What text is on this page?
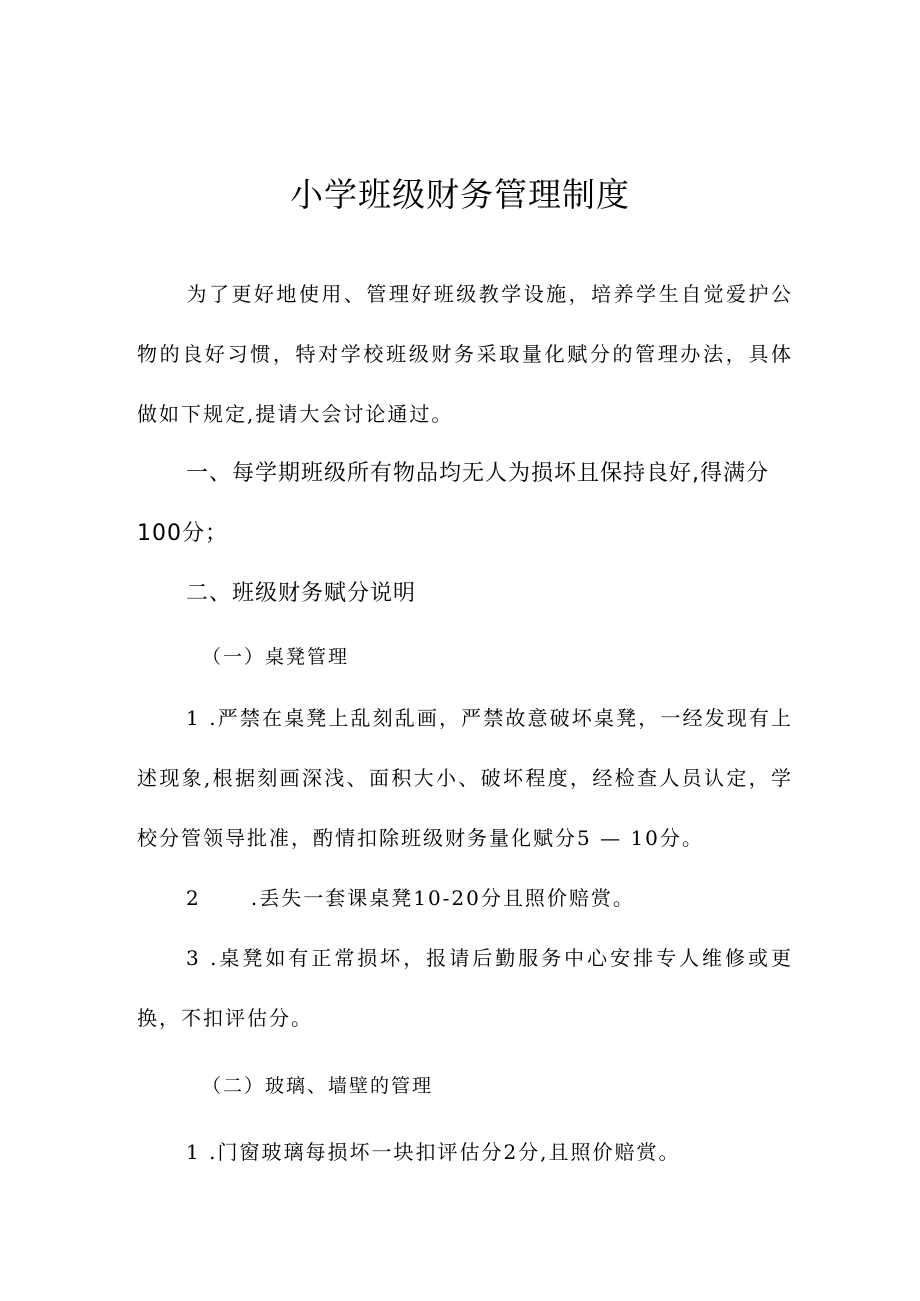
小学班级财务管理制度

为了更好地使用、管理好班级教学设施，培养学生自觉爱护公物的良好习惯，特对学校班级财务采取量化赋分的管理办法，具体做如下规定,提请大会讨论通过。

一、每学期班级所有物品均无人为损坏且保持良好,得满分100分；

二、班级财务赋分说明

（一）桌凳管理

1 .严禁在桌凳上乱刻乱画，严禁故意破坏桌凳，一经发现有上述现象,根据刻画深浅、面积大小、破坏程度，经检查人员认定，学校分管领导批准，酌情扣除班级财务量化赋分5 — 10分。

2      .丢失一套课桌凳10-20分且照价赔赏。

3 .桌凳如有正常损坏，报请后勤服务中心安排专人维修或更换，不扣评估分。

（二）玻璃、墙壁的管理

1 .门窗玻璃每损坏一块扣评估分2分,且照价赔赏。
